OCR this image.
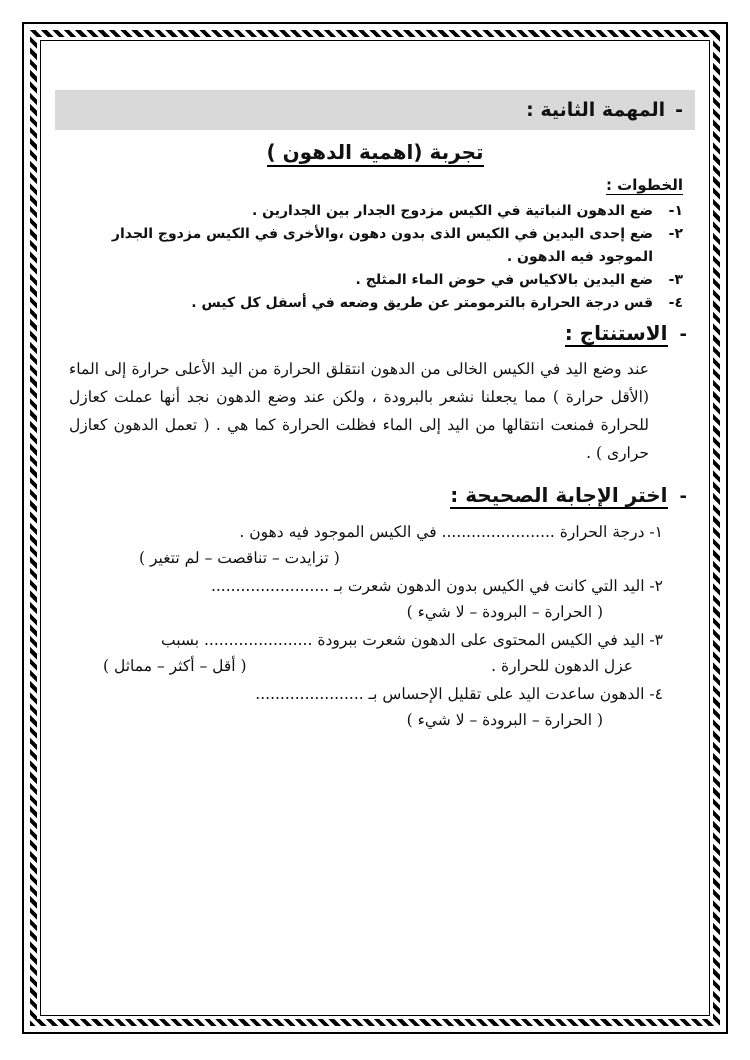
-
المهمة الثانية :
تجربة (اهمية الدهون )
الخطوات :
١-
ضع الدهون النباتية في الكيس مزدوج الجدار بين الجدارين .
٢-
ضع إحدى اليدين في الكيس الذى بدون دهون ،والأخرى في الكيس مزدوج الجدار الموجود فيه الدهون .
٣-
ضع اليدين بالاكياس في حوض الماء المثلج .
٤-
قس درجة الحرارة بالترمومتر عن طريق وضعه في أسفل كل كيس .
-
الاستنتاج :
عند وضع اليد في الكيس الخالى من الدهون انتقلق الحرارة من اليد الأعلى حرارة إلى الماء (الأقل حرارة ) مما يجعلنا نشعر بالبرودة ، ولكن عند وضع الدهون نجد أنها عملت كعازل للحرارة فمنعت انتقالها من اليد إلى الماء فظلت الحرارة كما هي . ( تعمل الدهون كعازل حرارى ) .
-
اختر الإجابة الصحيحة :
١- درجة الحرارة ....................... في الكيس الموجود فيه دهون .
( تزايدت – تناقصت – لم تتغير )
٢- اليد التي كانت في الكيس بدون الدهون شعرت بـ ........................
( الحرارة – البرودة – لا شيء )
٣- اليد في الكيس المحتوى على الدهون شعرت ببرودة ...................... بسبب
عزل الدهون للحرارة .
( أقل – أكثر – مماثل )
٤- الدهون ساعدت اليد على تقليل الإحساس بـ ......................
( الحرارة – البرودة – لا شيء )
